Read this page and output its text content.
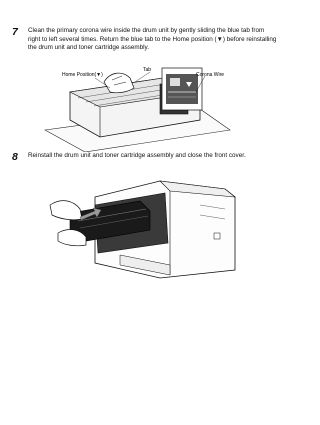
7 Clean the primary corona wire inside the drum unit by gently sliding the blue tab from right to left several times. Return the blue tab to the Home position (▼) before reinstalling the drum unit and toner cartridge assembly.
Home Position(▼)
Tab
Corona Wire
8 Reinstall the drum unit and toner cartridge assembly and close the front cover.
